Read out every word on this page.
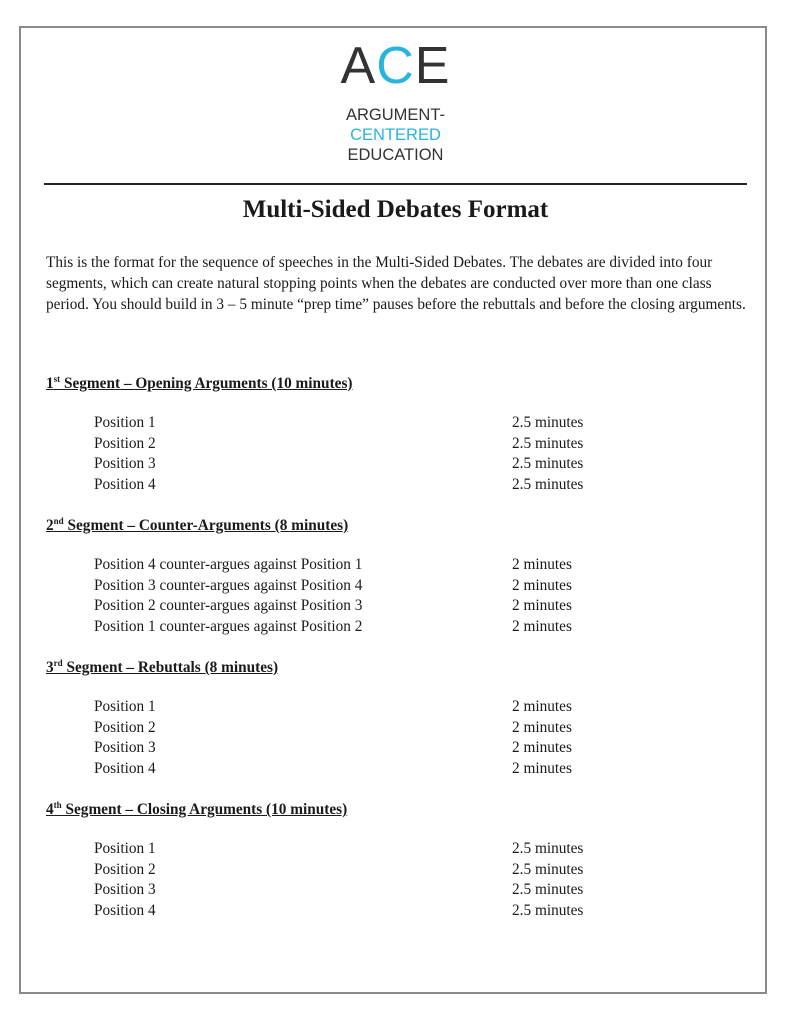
ACE
ARGUMENT-
CENTERED
EDUCATION
Multi-Sided Debates Format
This is the format for the sequence of speeches in the Multi-Sided Debates. The debates are divided into four segments, which can create natural stopping points when the debates are conducted over more than one class period. You should build in 3 – 5 minute “prep time” pauses before the rebuttals and before the closing arguments.
1st Segment – Opening Arguments (10 minutes)
Position 1	2.5 minutes
Position 2	2.5 minutes
Position 3	2.5 minutes
Position 4	2.5 minutes
2nd Segment – Counter-Arguments (8 minutes)
Position 4 counter-argues against Position 1	2 minutes
Position 3 counter-argues against Position 4	2 minutes
Position 2 counter-argues against Position 3	2 minutes
Position 1 counter-argues against Position 2	2 minutes
3rd Segment – Rebuttals (8 minutes)
Position 1	2 minutes
Position 2	2 minutes
Position 3	2 minutes
Position 4	2 minutes
4th Segment – Closing Arguments (10 minutes)
Position 1	2.5 minutes
Position 2	2.5 minutes
Position 3	2.5 minutes
Position 4	2.5 minutes
